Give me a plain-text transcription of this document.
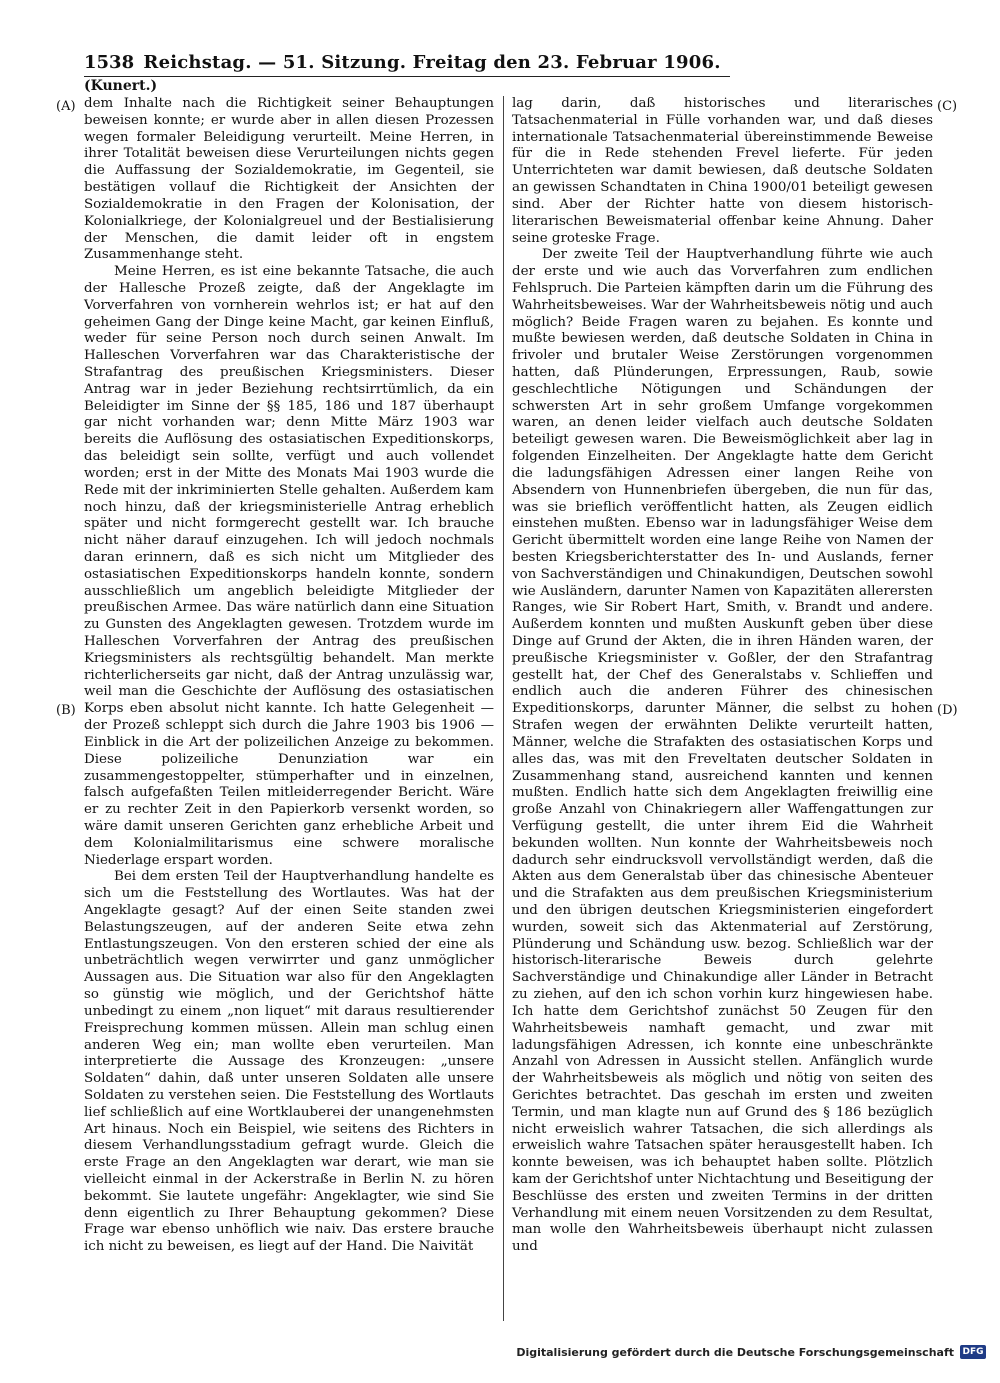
1538 Reichstag. — 51. Sitzung. Freitag den 23. Februar 1906.
(Kunert.)
(A)
(B)
(C)
(D)

dem Inhalte nach die Richtigkeit seiner Behauptungen beweisen konnte; er wurde aber in allen diesen Prozessen wegen formaler Beleidigung verurteilt. Meine Herren, in ihrer Totalität beweisen diese Verurteilungen nichts gegen die Auffassung der Sozialdemokratie, im Gegenteil, sie bestätigen vollauf die Richtigkeit der Ansichten der Sozialdemokratie in den Fragen der Kolonisation, der Kolonialkriege, der Kolonialgreuel und der Bestialisierung der Menschen, die damit leider oft in engstem Zusammenhange steht.

Meine Herren, es ist eine bekannte Tatsache, die auch der Hallesche Prozeß zeigte, daß der Angeklagte im Vorverfahren von vornherein wehrlos ist; er hat auf den geheimen Gang der Dinge keine Macht, gar keinen Einfluß, weder für seine Person noch durch seinen Anwalt. Im Halleschen Vorverfahren war das Charakteristische der Strafantrag des preußischen Kriegsministers. Dieser Antrag war in jeder Beziehung rechtsirrtümlich, da ein Beleidigter im Sinne der §§ 185, 186 und 187 überhaupt gar nicht vorhanden war; denn Mitte März 1903 war bereits die Auflösung des ostasiatischen Expeditionskorps, das beleidigt sein sollte, verfügt und auch vollendet worden; erst in der Mitte des Monats Mai 1903 wurde die Rede mit der inkriminierten Stelle gehalten. Außerdem kam noch hinzu, daß der kriegsministerielle Antrag erheblich später und nicht formgerecht gestellt war. Ich brauche nicht näher darauf einzugehen. Ich will jedoch nochmals daran erinnern, daß es sich nicht um Mitglieder des ostasiatischen Expeditionskorps handeln konnte, sondern ausschließlich um angeblich beleidigte Mitglieder der preußischen Armee. Das wäre natürlich dann eine Situation zu Gunsten des Angeklagten gewesen. Trotzdem wurde im Halleschen Vorverfahren der Antrag des preußischen Kriegsministers als rechtsgültig behandelt. Man merkte richterlicherseits gar nicht, daß der Antrag unzulässig war, weil man die Geschichte der Auflösung des ostasiatischen Korps eben absolut nicht kannte. Ich hatte Gelegenheit — der Prozeß schleppt sich durch die Jahre 1903 bis 1906 — Einblick in die Art der polizeilichen Anzeige zu bekommen. Diese polizeiliche Denunziation war ein zusammengestoppelter, stümperhafter und in einzelnen, falsch aufgefaßten Teilen mitleiderregender Bericht. Wäre er zu rechter Zeit in den Papierkorb versenkt worden, so wäre damit unseren Gerichten ganz erhebliche Arbeit und dem Kolonialmilitarismus eine schwere moralische Niederlage erspart worden.

Bei dem ersten Teil der Hauptverhandlung handelte es sich um die Feststellung des Wortlautes. Was hat der Angeklagte gesagt? Auf der einen Seite standen zwei Belastungszeugen, auf der anderen Seite etwa zehn Entlastungszeugen. Von den ersteren schied der eine als unbeträchtlich wegen verwirrter und ganz unmöglicher Aussagen aus. Die Situation war also für den Angeklagten so günstig wie möglich, und der Gerichtshof hätte unbedingt zu einem „non liquet“ mit daraus resultierender Freisprechung kommen müssen. Allein man schlug einen anderen Weg ein; man wollte eben verurteilen. Man interpretierte die Aussage des Kronzeugen: „unsere Soldaten“ dahin, daß unter unseren Soldaten alle unsere Soldaten zu verstehen seien. Die Feststellung des Wortlauts lief schließlich auf eine Wortklauberei der unangenehmsten Art hinaus. Noch ein Beispiel, wie seitens des Richters in diesem Verhandlungsstadium gefragt wurde. Gleich die erste Frage an den Angeklagten war derart, wie man sie vielleicht einmal in der Ackerstraße in Berlin N. zu hören bekommt. Sie lautete ungefähr: Angeklagter, wie sind Sie denn eigentlich zu Ihrer Behauptung gekommen? Diese Frage war ebenso unhöflich wie naiv. Das erstere brauche ich nicht zu beweisen, es liegt auf der Hand. Die Naivität

lag darin, daß historisches und literarisches Tatsachenmaterial in Fülle vorhanden war, und daß dieses internationale Tatsachenmaterial übereinstimmende Beweise für die in Rede stehenden Frevel lieferte. Für jeden Unterrichteten war damit bewiesen, daß deutsche Soldaten an gewissen Schandtaten in China 1900/01 beteiligt gewesen sind. Aber der Richter hatte von diesem historisch-literarischen Beweismaterial offenbar keine Ahnung. Daher seine groteske Frage.

Der zweite Teil der Hauptverhandlung führte wie auch der erste und wie auch das Vorverfahren zum endlichen Fehlspruch. Die Parteien kämpften darin um die Führung des Wahrheitsbeweises. War der Wahrheitsbeweis nötig und auch möglich? Beide Fragen waren zu bejahen. Es konnte und mußte bewiesen werden, daß deutsche Soldaten in China in frivoler und brutaler Weise Zerstörungen vorgenommen hatten, daß Plünderungen, Erpressungen, Raub, sowie geschlechtliche Nötigungen und Schändungen der schwersten Art in sehr großem Umfange vorgekommen waren, an denen leider vielfach auch deutsche Soldaten beteiligt gewesen waren. Die Beweismöglichkeit aber lag in folgenden Einzelheiten. Der Angeklagte hatte dem Gericht die ladungsfähigen Adressen einer langen Reihe von Absendern von Hunnenbriefen übergeben, die nun für das, was sie brieflich veröffentlicht hatten, als Zeugen eidlich einstehen mußten. Ebenso war in ladungsfähiger Weise dem Gericht übermittelt worden eine lange Reihe von Namen der besten Kriegsberichterstatter des In- und Auslands, ferner von Sachverständigen und Chinakundigen, Deutschen sowohl wie Ausländern, darunter Namen von Kapazitäten allerersten Ranges, wie Sir Robert Hart, Smith, v. Brandt und andere. Außerdem konnten und mußten Auskunft geben über diese Dinge auf Grund der Akten, die in ihren Händen waren, der preußische Kriegsminister v. Goßler, der den Strafantrag gestellt hat, der Chef des Generalstabs v. Schlieffen und endlich auch die anderen Führer des chinesischen Expeditionskorps, darunter Männer, die selbst zu hohen Strafen wegen der erwähnten Delikte verurteilt hatten, Männer, welche die Strafakten des ostasiatischen Korps und alles das, was mit den Freveltaten deutscher Soldaten in Zusammenhang stand, ausreichend kannten und kennen mußten. Endlich hatte sich dem Angeklagten freiwillig eine große Anzahl von Chinakriegern aller Waffengattungen zur Verfügung gestellt, die unter ihrem Eid die Wahrheit bekunden wollten. Nun konnte der Wahrheitsbeweis noch dadurch sehr eindrucksvoll vervollständigt werden, daß die Akten aus dem Generalstab über das chinesische Abenteuer und die Strafakten aus dem preußischen Kriegsministerium und den übrigen deutschen Kriegsministerien eingefordert wurden, soweit sich das Aktenmaterial auf Zerstörung, Plünderung und Schändung usw. bezog. Schließlich war der historisch-literarische Beweis durch gelehrte Sachverständige und Chinakundige aller Länder in Betracht zu ziehen, auf den ich schon vorhin kurz hingewiesen habe. Ich hatte dem Gerichtshof zunächst 50 Zeugen für den Wahrheitsbeweis namhaft gemacht, und zwar mit ladungsfähigen Adressen, ich konnte eine unbeschränkte Anzahl von Adressen in Aussicht stellen. Anfänglich wurde der Wahrheitsbeweis als möglich und nötig von seiten des Gerichtes betrachtet. Das geschah im ersten und zweiten Termin, und man klagte nun auf Grund des § 186 bezüglich nicht erweislich wahrer Tatsachen, die sich allerdings als erweislich wahre Tatsachen später herausgestellt haben. Ich konnte beweisen, was ich behauptet haben sollte. Plötzlich kam der Gerichtshof unter Nichtachtung und Beseitigung der Beschlüsse des ersten und zweiten Termins in der dritten Verhandlung mit einem neuen Vorsitzenden zu dem Resultat, man wolle den Wahrheitsbeweis überhaupt nicht zulassen und

Digitalisierung gefördert durch die Deutsche Forschungsgemeinschaft DFG
